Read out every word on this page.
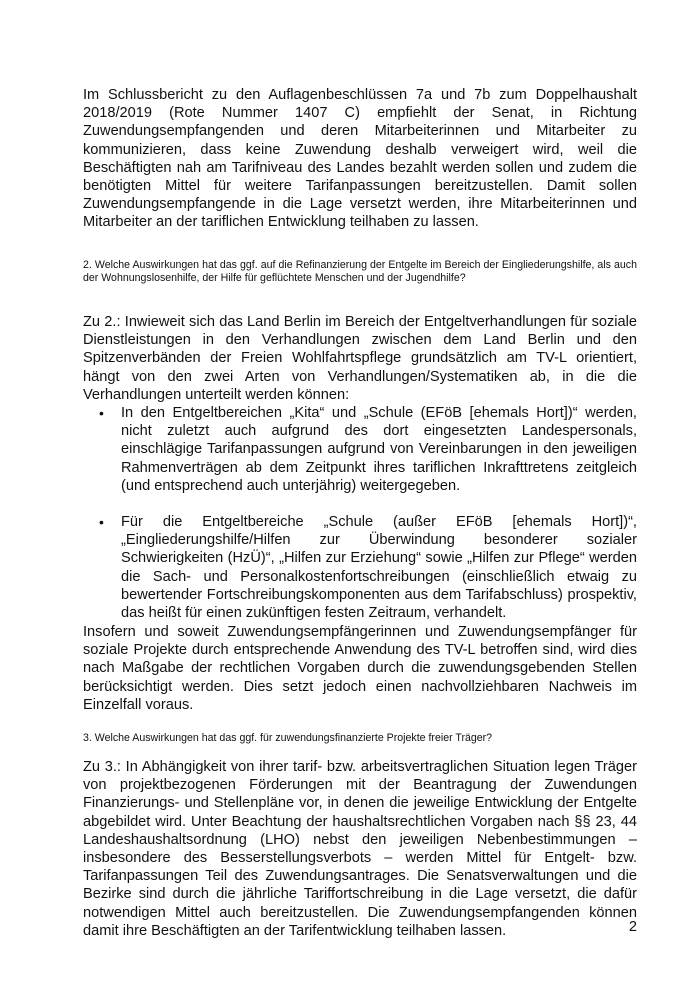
Im Schlussbericht zu den Auflagenbeschlüssen 7a und 7b zum Doppelhaushalt 2018/2019 (Rote Nummer 1407 C) empfiehlt der Senat, in Richtung Zuwendungsempfangenden und deren Mitarbeiterinnen und Mitarbeiter zu kommunizieren, dass keine Zuwendung deshalb verweigert wird, weil die Beschäftigten nah am Tarifniveau des Landes bezahlt werden sollen und zudem die benötigten Mittel für weitere Tarifanpassungen bereitzustellen. Damit sollen Zuwendungsempfangende in die Lage versetzt werden, ihre Mitarbeiterinnen und Mitarbeiter an der tariflichen Entwicklung teilhaben zu lassen.

2. Welche Auswirkungen hat das ggf. auf die Refinanzierung der Entgelte im Bereich der Eingliederungshilfe, als auch der Wohnungslosenhilfe, der Hilfe für geflüchtete Menschen und der Jugendhilfe?

Zu 2.: Inwieweit sich das Land Berlin im Bereich der Entgeltverhandlungen für soziale Dienstleistungen in den Verhandlungen zwischen dem Land Berlin und den Spitzenverbänden der Freien Wohlfahrtspflege grundsätzlich am TV-L orientiert, hängt von den zwei Arten von Verhandlungen/Systematiken ab, in die die Verhandlungen unterteilt werden können:

• In den Entgeltbereichen „Kita“ und „Schule (EFöB [ehemals Hort])“ werden, nicht zuletzt auch aufgrund des dort eingesetzten Landespersonals, einschlägige Tarifanpassungen aufgrund von Vereinbarungen in den jeweiligen Rahmenverträgen ab dem Zeitpunkt ihres tariflichen Inkrafttretens zeitgleich (und entsprechend auch unterjährig) weitergegeben.
• Für die Entgeltbereiche „Schule (außer EFöB [ehemals Hort])“, „Eingliederungshilfe/Hilfen zur Überwindung besonderer sozialer Schwierigkeiten (HzÜ)“, „Hilfen zur Erziehung“ sowie „Hilfen zur Pflege“ werden die Sach- und Personalkostenfortschreibungen (einschließlich etwaig zu bewertender Fortschreibungskomponenten aus dem Tarifabschluss) prospektiv, das heißt für einen zukünftigen festen Zeitraum, verhandelt.

Insofern und soweit Zuwendungsempfängerinnen und Zuwendungsempfänger für soziale Projekte durch entsprechende Anwendung des TV-L betroffen sind, wird dies nach Maßgabe der rechtlichen Vorgaben durch die zuwendungsgebenden Stellen berücksichtigt werden. Dies setzt jedoch einen nachvollziehbaren Nachweis im Einzelfall voraus.

3. Welche Auswirkungen hat das ggf. für zuwendungsfinanzierte Projekte freier Träger?

Zu 3.: In Abhängigkeit von ihrer tarif- bzw. arbeitsvertraglichen Situation legen Träger von projektbezogenen Förderungen mit der Beantragung der Zuwendungen Finanzierungs- und Stellenpläne vor, in denen die jeweilige Entwicklung der Entgelte abgebildet wird. Unter Beachtung der haushaltsrechtlichen Vorgaben nach §§ 23, 44 Landeshaushaltsordnung (LHO) nebst den jeweiligen Nebenbestimmungen – insbesondere des Besserstellungsverbots – werden Mittel für Entgelt- bzw. Tarifanpassungen Teil des Zuwendungsantrages. Die Senatsverwaltungen und die Bezirke sind durch die jährliche Tariffortschreibung in die Lage versetzt, die dafür notwendigen Mittel auch bereitzustellen. Die Zuwendungsempfangenden können damit ihre Beschäftigten an der Tarifentwicklung teilhaben lassen.	2
